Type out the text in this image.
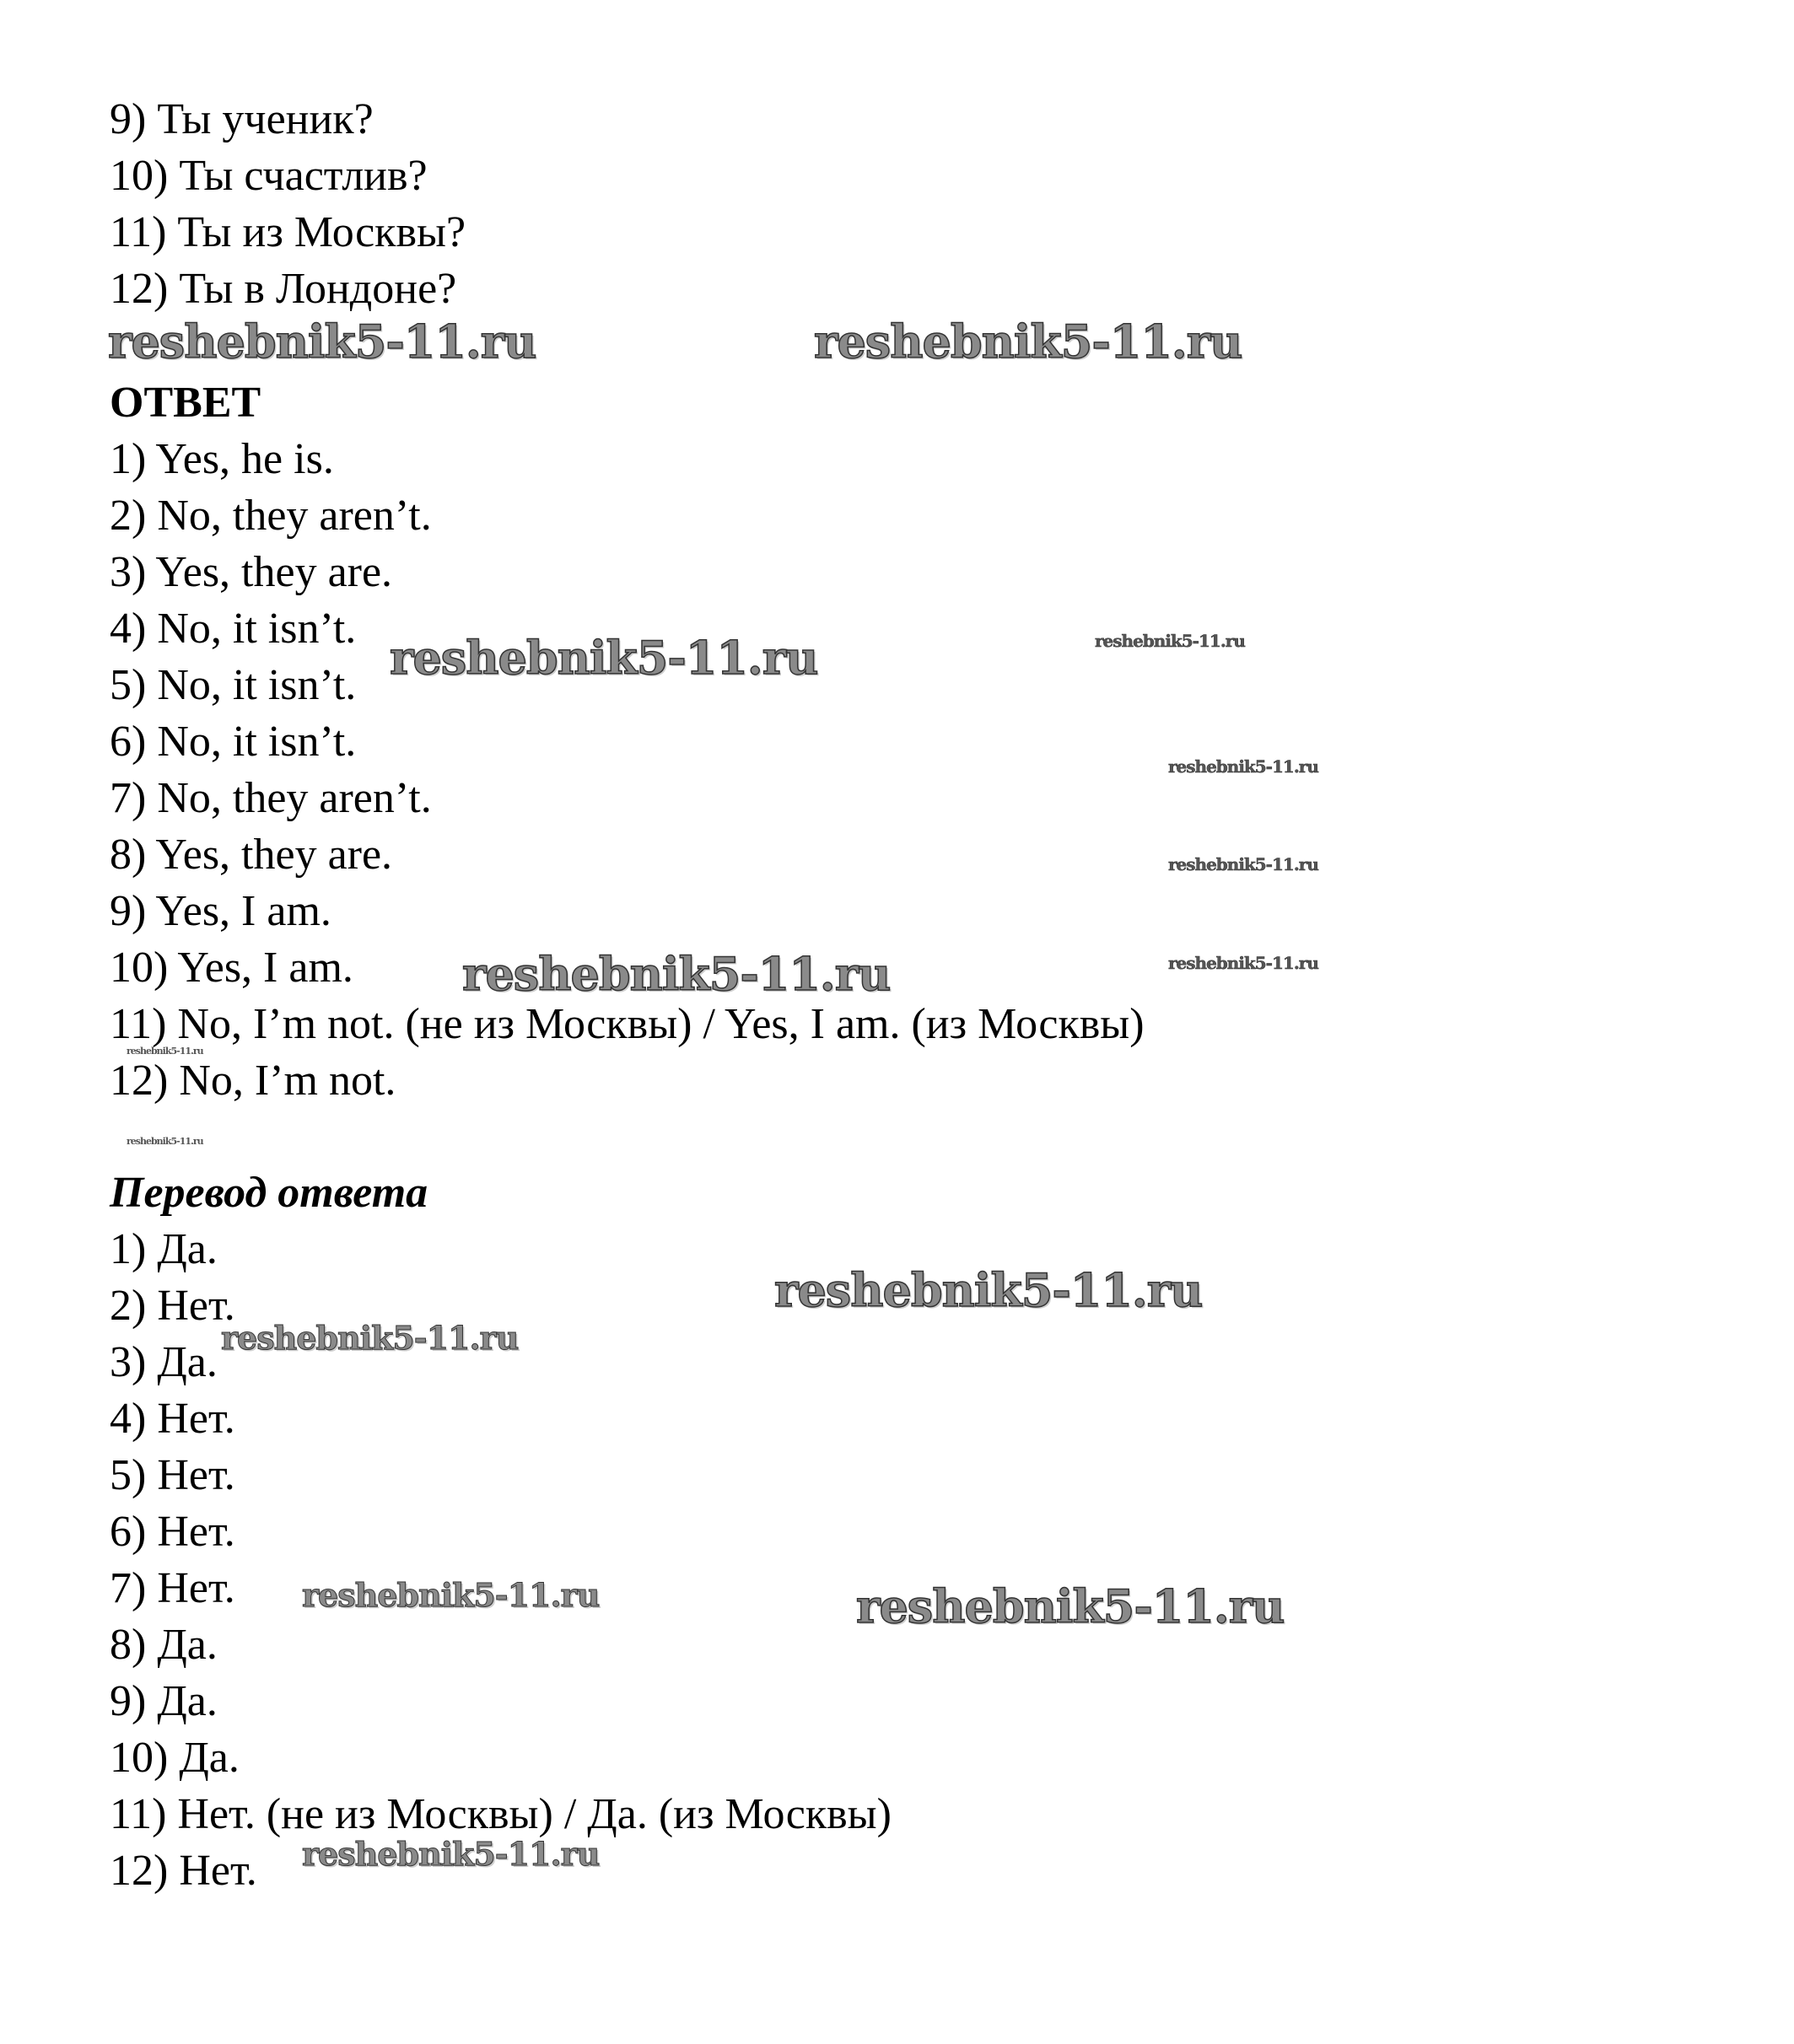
9) Ты ученик?
10) Ты счастлив?
11) Ты из Москвы?
12) Ты в Лондоне?
ОТВЕТ
1) Yes, he is.
2) No, they aren’t.
3) Yes, they are.
4) No, it isn’t.
5) No, it isn’t.
6) No, it isn’t.
7) No, they aren’t.
8) Yes, they are.
9) Yes, I am.
10) Yes, I am.
11) No, I’m not. (не из Москвы) / Yes, I am. (из Москвы)
12) No, I’m not.
Перевод ответа
1) Да.
2) Нет.
3) Да.
4) Нет.
5) Нет.
6) Нет.
7) Нет.
8) Да.
9) Да.
10) Да.
11) Нет. (не из Москвы) / Да. (из Москвы)
12) Нет.
reshebnik5-11.ru	reshebnik5-11.ru
reshebnik5-11.ru	reshebnik5-11.ru
reshebnik5-11.ru
reshebnik5-11.ru
reshebnik5-11.ru	reshebnik5-11.ru
reshebnik5-11.ru
reshebnik5-11.ru
reshebnik5-11.ru
reshebnik5-11.ru
reshebnik5-11.ru	reshebnik5-11.ru
reshebnik5-11.ru
